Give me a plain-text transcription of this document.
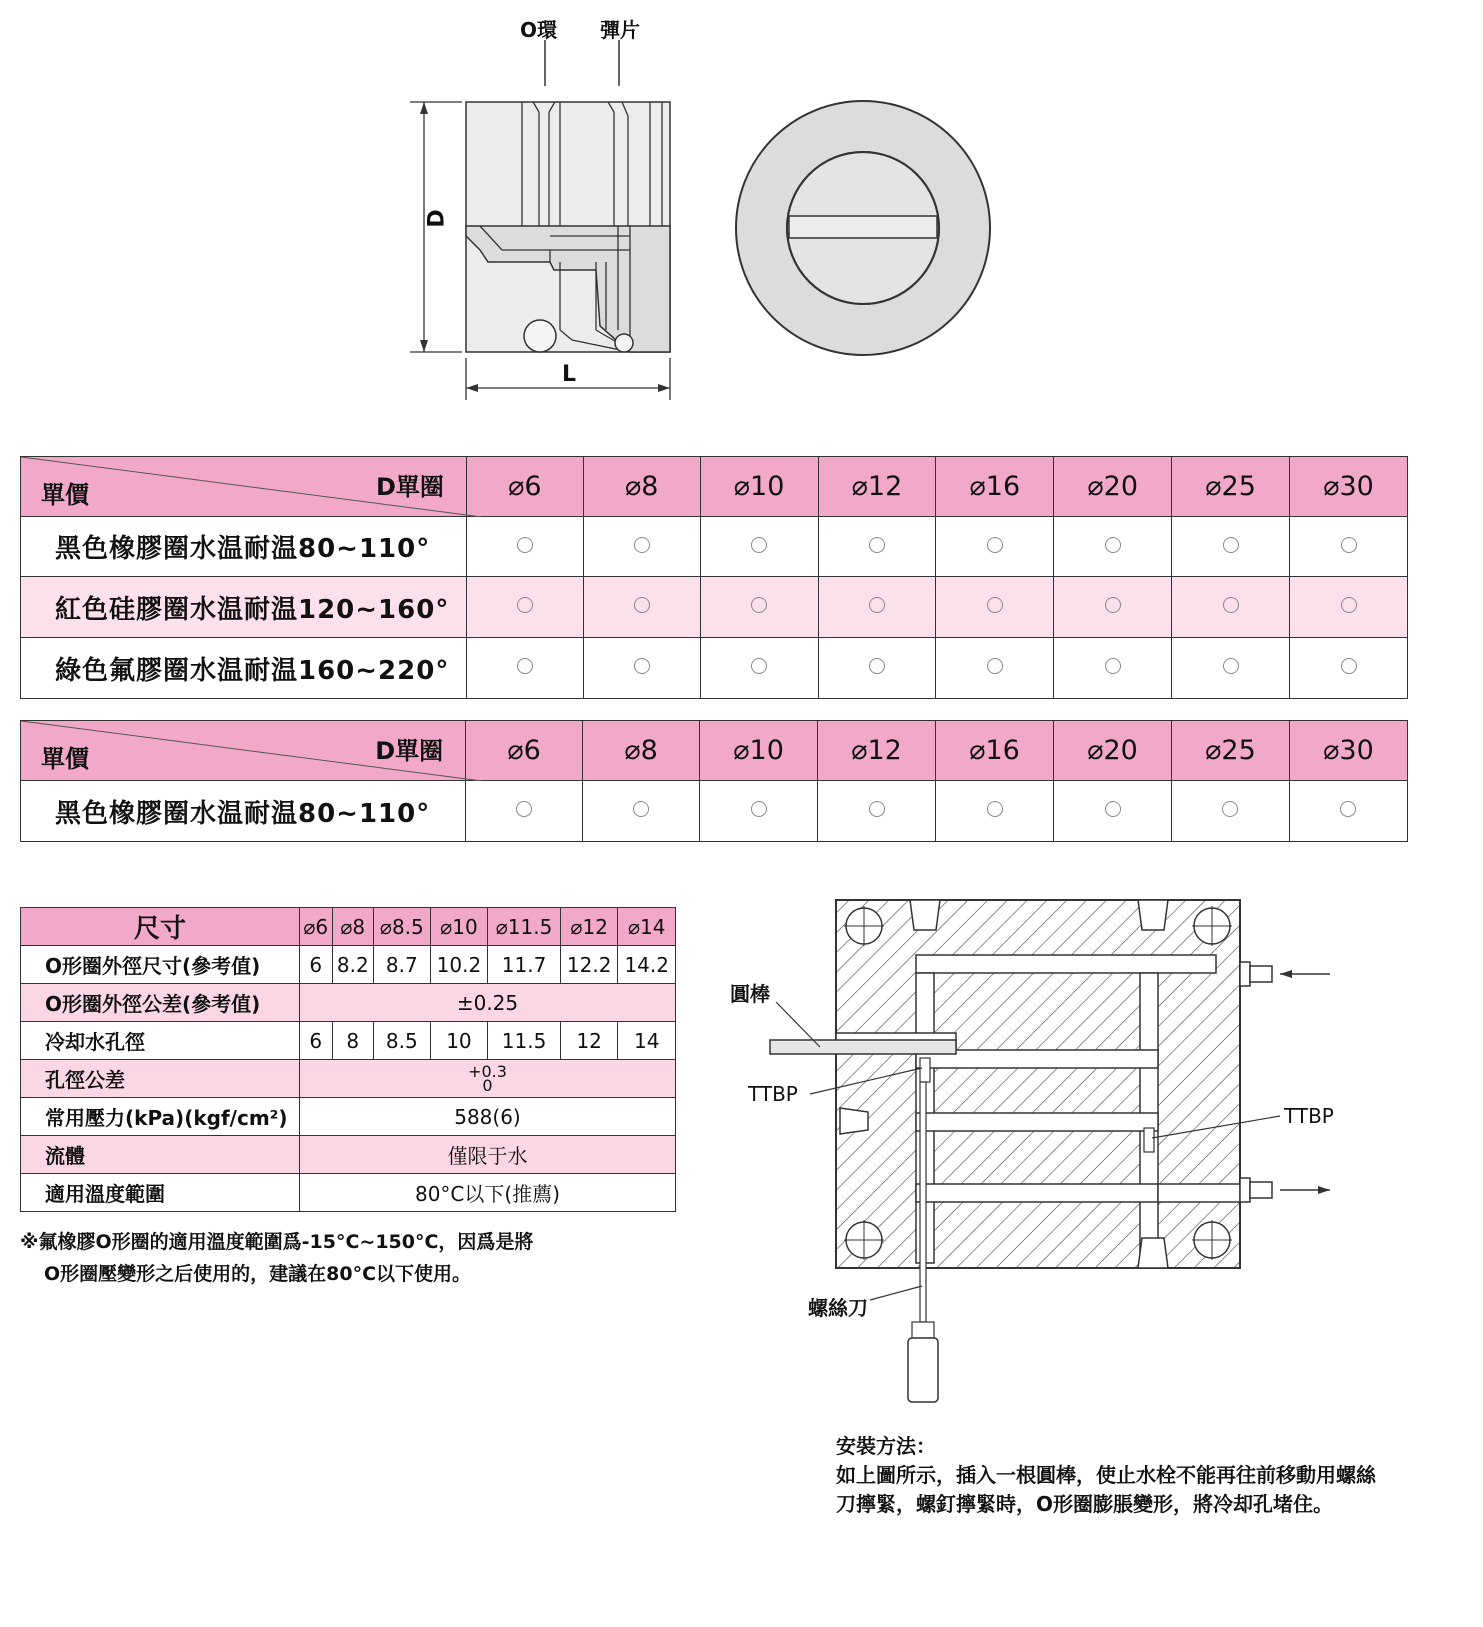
O環 彈片
D
L
單價 D單圈	⌀6	⌀8	⌀10	⌀12	⌀16	⌀20	⌀25	⌀30
黑色橡膠圈水温耐温80~110°								
紅色硅膠圈水温耐温120~160°								
綠色氟膠圈水温耐温160~220°								
單價 D單圈	⌀6	⌀8	⌀10	⌀12	⌀16	⌀20	⌀25	⌀30
黑色橡膠圈水温耐温80~110°								
尺寸	⌀6	⌀8	⌀8.5	⌀10	⌀11.5	⌀12	⌀14
O形圈外徑尺寸(參考值)	6	8.2	8.7	10.2	11.7	12.2	14.2
O形圈外徑公差(參考值)	±0.25						
冷却水孔徑	6	8	8.5	10	11.5	12	14
孔徑公差	+0.3
0						

常用壓力(kPa)(kgf/cm²)	588(6)						
流體	僅限于水						
適用溫度範圍	80°C以下(推薦)						
※氟橡膠O形圈的適用溫度範圍爲-15°C~150°C，因爲是將
O形圈壓變形之后使用的，建議在80°C以下使用。
圓棒
TTBP
TTBP
螺絲刀
安裝方法：
如上圖所示，插入一根圓棒，使止水栓不能再往前移動用螺絲
刀擰緊，螺釘擰緊時，O形圈膨脹變形，將冷却孔堵住。
